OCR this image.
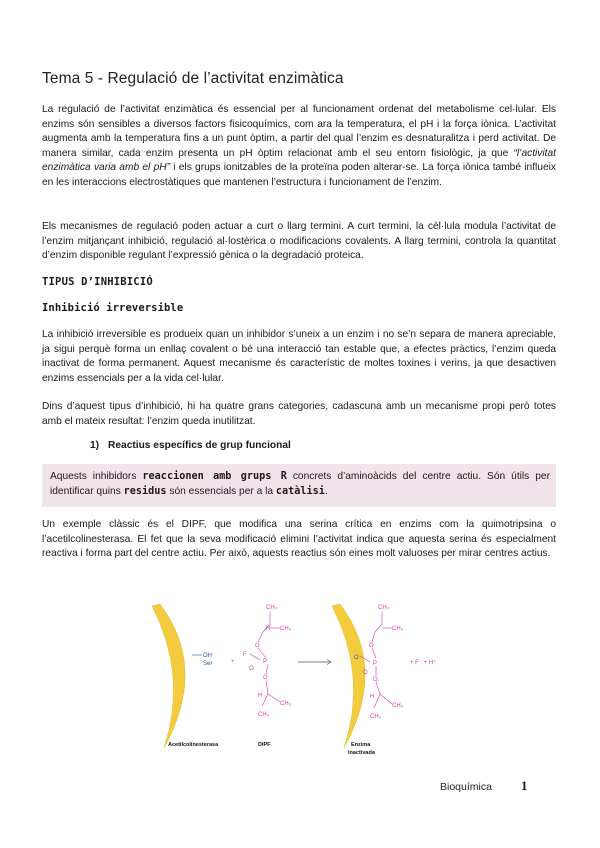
Tema 5 - Regulació de l’activitat enzimàtica

La regulació de l’activitat enzimàtica és essencial per al funcionament ordenat del metabolisme cel·lular. Els enzims són sensibles a diversos factors fisicoquímics, com ara la temperatura, el pH i la força iònica. L’activitat augmenta amb la temperatura fins a un punt òptim, a partir del qual l’enzim es desnaturalitza i perd activitat. De manera similar, cada enzim presenta un pH òptim relacionat amb el seu entorn fisiològic, ja que “l’activitat enzimàtica varia amb el pH” i els grups ionitzables de la proteïna poden alterar-se. La força iònica també influeix en les interaccions electrostàtiques que mantenen l’estructura i funcionament de l’enzim.

Els mecanismes de regulació poden actuar a curt o llarg termini. A curt termini, la cèl·lula modula l’activitat de l’enzim mitjançant inhibició, regulació al·lostèrica o modificacions covalents. A llarg termini, controla la quantitat d’enzim disponible regulant l’expressió gènica o la degradació proteica.

TIPUS D’INHIBICIÓ
Inhibició irreversible

La inhibició irreversible es produeix quan un inhibidor s’uneix a un enzim i no se’n separa de manera apreciable, ja sigui perquè forma un enllaç covalent o bé una interacció tan estable que, a efectes pràctics, l’enzim queda inactivat de forma permanent. Aquest mecanisme és característic de moltes toxines i verins, ja que desactiven enzims essencials per a la vida cel·lular.

Dins d’aquest tipus d’inhibició, hi ha quatre grans categories, cadascuna amb un mecanisme propi però totes amb el mateix resultat: l’enzim queda inutilitzat.

1) Reactius específics de grup funcional
Aquests inhibidors reaccionen amb grups R concrets d’aminoàcids del centre actiu. Són útils per identificar quins residus són essencials per a la catàlisi.

Un exemple clàssic és el DIPF, que modifica una serina crítica en enzims com la quimotripsina o l’acetilcolinesterasa. El fet que la seva modificació elimini l’activitat indica que aquesta serina és especialment reactiva i forma part del centre actiu. Per això, aquests reactius són eines molt valuoses per mirar centres actius.

OH
Ser	+
CH₃
CH₃
H
O
P
F
O
O
H
CH₃
CH₃
O
CH₃
CH₃
O
P
O
O
H
CH₃
CH₃
+ F⁻ + H⁺
Acetilcolinesterasa	DIPF	Enzima
inactivada
Bioquímica 1
